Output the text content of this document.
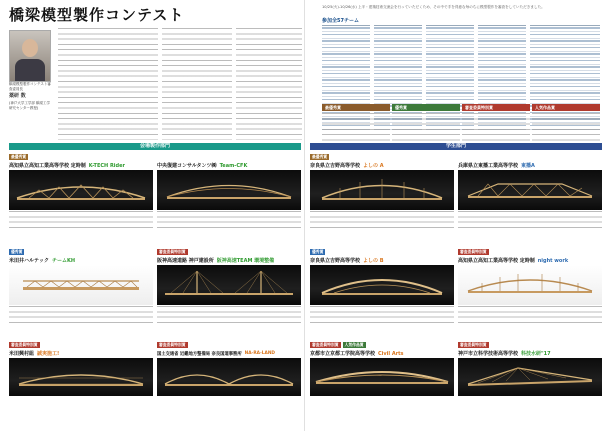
橋梁模型製作コンテスト	10/25(火)-10/26(水) 上半・建築技術交流会を行っていただくため、その中で手を得意な毎のちに模型製作を審査をしていただきました。
橋梁模型製作コンテスト審査委員長
薬研 数
(神戸大学工学部 橋梁工学研究センター教授)
参加全57チーム
最優秀賞	優秀賞	審査委員特別賞	人気作品賞
会場製作部門	学生部門
最優秀賞
高知県立高知工業高等学校 定時制 K-TECH Rider	中央復建コンサルタンツ㈱ Team-CFK
最優秀賞
奈良県立吉野高等学校 よしの A	兵庫県立東播工業高等学校 東播A
優秀賞
米田井ハルテック チームKH
審査委員特別賞
阪神高速道路 神戸建設所 阪神高速TEAM 環境整備
優秀賞
奈良県立吉野高等学校 よしの B
審査委員特別賞
高知県立高知工業高等学校 定時制 night work
審査委員特別賞
米田興村組 誠実施工!
審査委員特別賞
国土交通省 近畿地方整備局 奈良国道事務所 NA-RA-LAND
審査委員特別賞	人気作品賞
京都市立京都工学院高等学校 Civil Arts
審査委員特別賞
神戸市立科学技術高等学校 科技水研"17
